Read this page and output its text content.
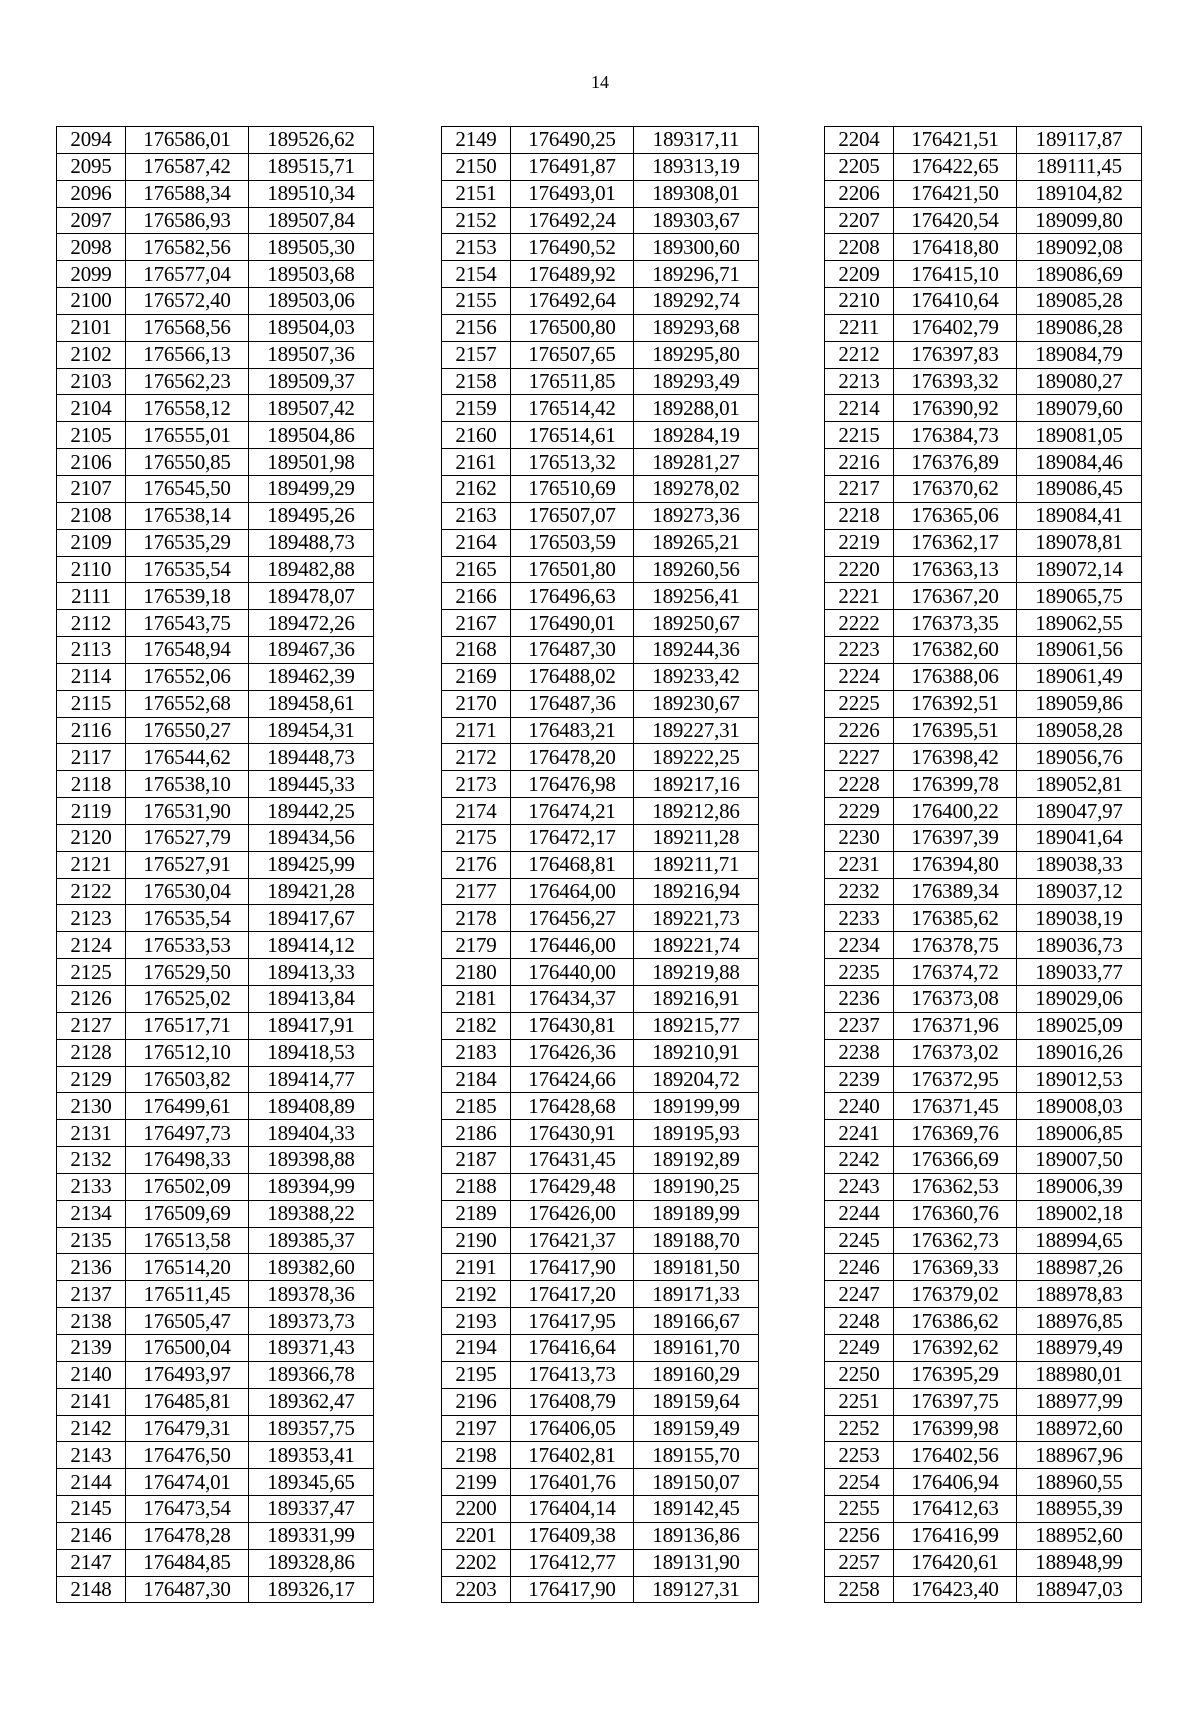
14
2094	176586,01	189526,62
2095	176587,42	189515,71
2096	176588,34	189510,34
2097	176586,93	189507,84
2098	176582,56	189505,30
2099	176577,04	189503,68
2100	176572,40	189503,06
2101	176568,56	189504,03
2102	176566,13	189507,36
2103	176562,23	189509,37
2104	176558,12	189507,42
2105	176555,01	189504,86
2106	176550,85	189501,98
2107	176545,50	189499,29
2108	176538,14	189495,26
2109	176535,29	189488,73
2110	176535,54	189482,88
2111	176539,18	189478,07
2112	176543,75	189472,26
2113	176548,94	189467,36
2114	176552,06	189462,39
2115	176552,68	189458,61
2116	176550,27	189454,31
2117	176544,62	189448,73
2118	176538,10	189445,33
2119	176531,90	189442,25
2120	176527,79	189434,56
2121	176527,91	189425,99
2122	176530,04	189421,28
2123	176535,54	189417,67
2124	176533,53	189414,12
2125	176529,50	189413,33
2126	176525,02	189413,84
2127	176517,71	189417,91
2128	176512,10	189418,53
2129	176503,82	189414,77
2130	176499,61	189408,89
2131	176497,73	189404,33
2132	176498,33	189398,88
2133	176502,09	189394,99
2134	176509,69	189388,22
2135	176513,58	189385,37
2136	176514,20	189382,60
2137	176511,45	189378,36
2138	176505,47	189373,73
2139	176500,04	189371,43
2140	176493,97	189366,78
2141	176485,81	189362,47
2142	176479,31	189357,75
2143	176476,50	189353,41
2144	176474,01	189345,65
2145	176473,54	189337,47
2146	176478,28	189331,99
2147	176484,85	189328,86
2148	176487,30	189326,17
2149	176490,25	189317,11
2150	176491,87	189313,19
2151	176493,01	189308,01
2152	176492,24	189303,67
2153	176490,52	189300,60
2154	176489,92	189296,71
2155	176492,64	189292,74
2156	176500,80	189293,68
2157	176507,65	189295,80
2158	176511,85	189293,49
2159	176514,42	189288,01
2160	176514,61	189284,19
2161	176513,32	189281,27
2162	176510,69	189278,02
2163	176507,07	189273,36
2164	176503,59	189265,21
2165	176501,80	189260,56
2166	176496,63	189256,41
2167	176490,01	189250,67
2168	176487,30	189244,36
2169	176488,02	189233,42
2170	176487,36	189230,67
2171	176483,21	189227,31
2172	176478,20	189222,25
2173	176476,98	189217,16
2174	176474,21	189212,86
2175	176472,17	189211,28
2176	176468,81	189211,71
2177	176464,00	189216,94
2178	176456,27	189221,73
2179	176446,00	189221,74
2180	176440,00	189219,88
2181	176434,37	189216,91
2182	176430,81	189215,77
2183	176426,36	189210,91
2184	176424,66	189204,72
2185	176428,68	189199,99
2186	176430,91	189195,93
2187	176431,45	189192,89
2188	176429,48	189190,25
2189	176426,00	189189,99
2190	176421,37	189188,70
2191	176417,90	189181,50
2192	176417,20	189171,33
2193	176417,95	189166,67
2194	176416,64	189161,70
2195	176413,73	189160,29
2196	176408,79	189159,64
2197	176406,05	189159,49
2198	176402,81	189155,70
2199	176401,76	189150,07
2200	176404,14	189142,45
2201	176409,38	189136,86
2202	176412,77	189131,90
2203	176417,90	189127,31
2204	176421,51	189117,87
2205	176422,65	189111,45
2206	176421,50	189104,82
2207	176420,54	189099,80
2208	176418,80	189092,08
2209	176415,10	189086,69
2210	176410,64	189085,28
2211	176402,79	189086,28
2212	176397,83	189084,79
2213	176393,32	189080,27
2214	176390,92	189079,60
2215	176384,73	189081,05
2216	176376,89	189084,46
2217	176370,62	189086,45
2218	176365,06	189084,41
2219	176362,17	189078,81
2220	176363,13	189072,14
2221	176367,20	189065,75
2222	176373,35	189062,55
2223	176382,60	189061,56
2224	176388,06	189061,49
2225	176392,51	189059,86
2226	176395,51	189058,28
2227	176398,42	189056,76
2228	176399,78	189052,81
2229	176400,22	189047,97
2230	176397,39	189041,64
2231	176394,80	189038,33
2232	176389,34	189037,12
2233	176385,62	189038,19
2234	176378,75	189036,73
2235	176374,72	189033,77
2236	176373,08	189029,06
2237	176371,96	189025,09
2238	176373,02	189016,26
2239	176372,95	189012,53
2240	176371,45	189008,03
2241	176369,76	189006,85
2242	176366,69	189007,50
2243	176362,53	189006,39
2244	176360,76	189002,18
2245	176362,73	188994,65
2246	176369,33	188987,26
2247	176379,02	188978,83
2248	176386,62	188976,85
2249	176392,62	188979,49
2250	176395,29	188980,01
2251	176397,75	188977,99
2252	176399,98	188972,60
2253	176402,56	188967,96
2254	176406,94	188960,55
2255	176412,63	188955,39
2256	176416,99	188952,60
2257	176420,61	188948,99
2258	176423,40	188947,03
